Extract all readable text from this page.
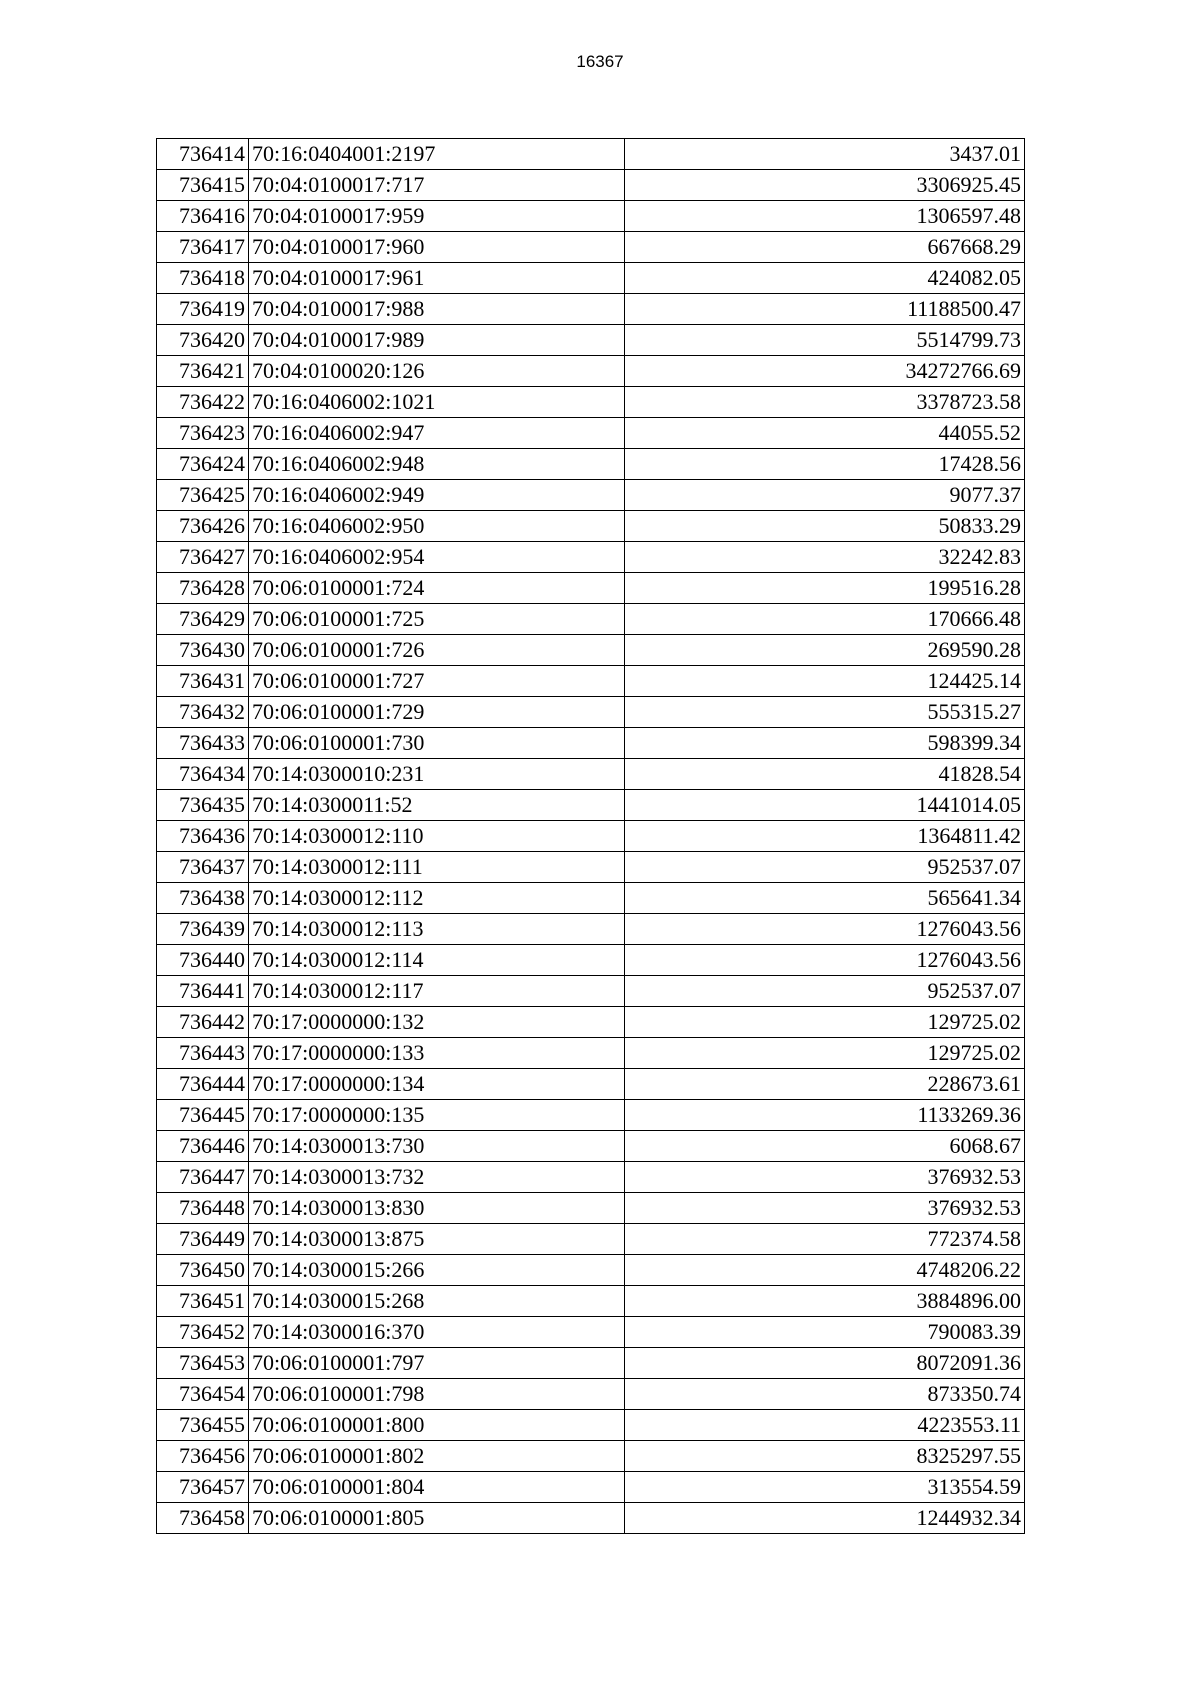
16367
736414	70:16:0404001:2197	3437.01
736415	70:04:0100017:717	3306925.45
736416	70:04:0100017:959	1306597.48
736417	70:04:0100017:960	667668.29
736418	70:04:0100017:961	424082.05
736419	70:04:0100017:988	11188500.47
736420	70:04:0100017:989	5514799.73
736421	70:04:0100020:126	34272766.69
736422	70:16:0406002:1021	3378723.58
736423	70:16:0406002:947	44055.52
736424	70:16:0406002:948	17428.56
736425	70:16:0406002:949	9077.37
736426	70:16:0406002:950	50833.29
736427	70:16:0406002:954	32242.83
736428	70:06:0100001:724	199516.28
736429	70:06:0100001:725	170666.48
736430	70:06:0100001:726	269590.28
736431	70:06:0100001:727	124425.14
736432	70:06:0100001:729	555315.27
736433	70:06:0100001:730	598399.34
736434	70:14:0300010:231	41828.54
736435	70:14:0300011:52	1441014.05
736436	70:14:0300012:110	1364811.42
736437	70:14:0300012:111	952537.07
736438	70:14:0300012:112	565641.34
736439	70:14:0300012:113	1276043.56
736440	70:14:0300012:114	1276043.56
736441	70:14:0300012:117	952537.07
736442	70:17:0000000:132	129725.02
736443	70:17:0000000:133	129725.02
736444	70:17:0000000:134	228673.61
736445	70:17:0000000:135	1133269.36
736446	70:14:0300013:730	6068.67
736447	70:14:0300013:732	376932.53
736448	70:14:0300013:830	376932.53
736449	70:14:0300013:875	772374.58
736450	70:14:0300015:266	4748206.22
736451	70:14:0300015:268	3884896.00
736452	70:14:0300016:370	790083.39
736453	70:06:0100001:797	8072091.36
736454	70:06:0100001:798	873350.74
736455	70:06:0100001:800	4223553.11
736456	70:06:0100001:802	8325297.55
736457	70:06:0100001:804	313554.59
736458	70:06:0100001:805	1244932.34
